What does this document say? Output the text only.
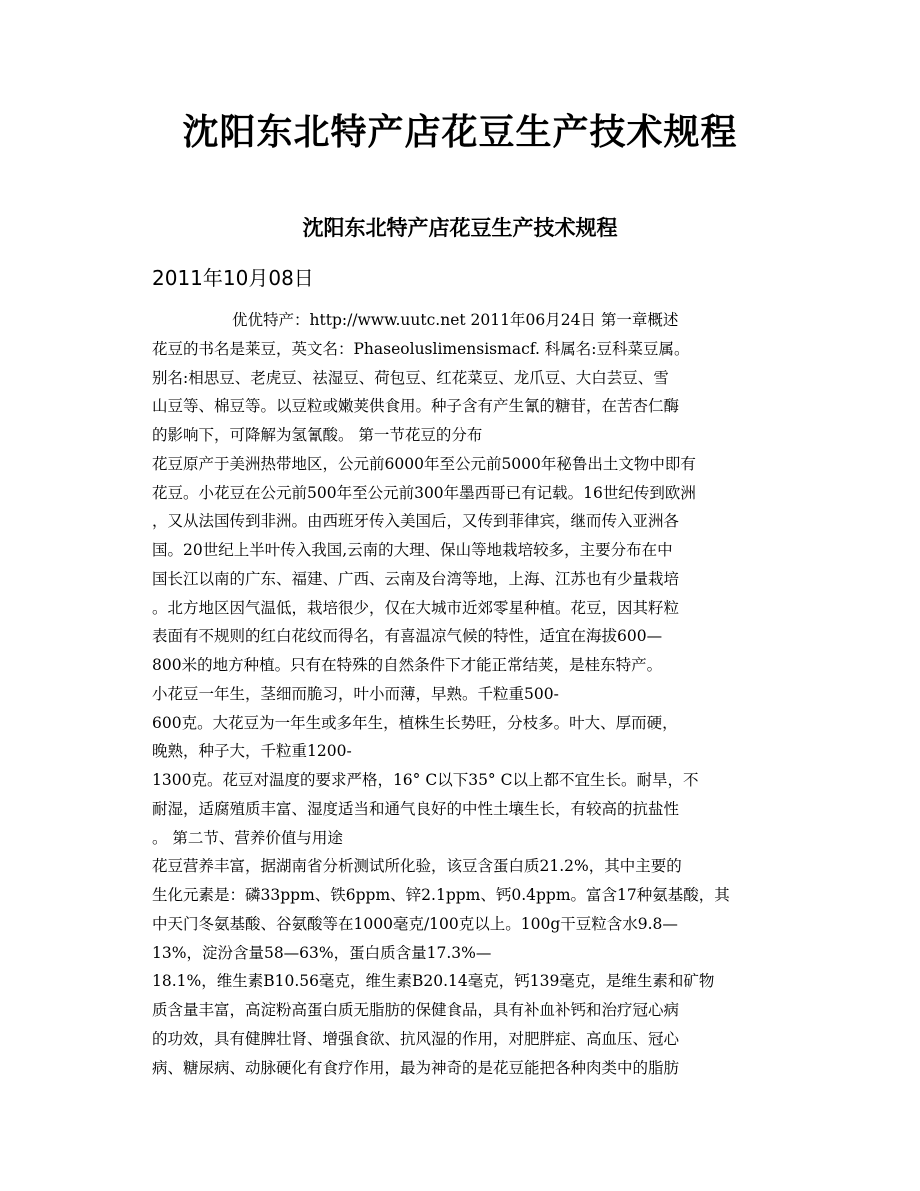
沈阳东北特产店花豆生产技术规程
沈阳东北特产店花豆生产技术规程
2011年10月08日
优优特产：http://www.uutc.net 2011年06月24日 第一章概述
花豆的书名是莱豆，英文名：Phaseoluslimensismacf. 科属名:豆科菜豆属。
别名:相思豆、老虎豆、祛湿豆、荷包豆、红花菜豆、龙爪豆、大白芸豆、雪
山豆等、棉豆等。以豆粒或嫩荚供食用。种子含有产生氰的糖苷，在苦杏仁酶
的影响下，可降解为氢氰酸。 第一节花豆的分布
花豆原产于美洲热带地区，公元前6000年至公元前5000年秘鲁出土文物中即有
花豆。小花豆在公元前500年至公元前300年墨西哥已有记载。16世纪传到欧洲
，又从法国传到非洲。由西班牙传入美国后，又传到菲律宾，继而传入亚洲各
国。20世纪上半叶传入我国,云南的大理、保山等地栽培较多，主要分布在中
国长江以南的广东、福建、广西、云南及台湾等地，上海、江苏也有少量栽培
。北方地区因气温低，栽培很少，仅在大城市近郊零星种植。花豆，因其籽粒
表面有不规则的红白花纹而得名，有喜温凉气候的特性，适宜在海拔600—
800米的地方种植。只有在特殊的自然条件下才能正常结荚，是桂东特产。
小花豆一年生，茎细而脆习，叶小而薄，早熟。千粒重500-
600克。大花豆为一年生或多年生，植株生长势旺，分枝多。叶大、厚而硬，
晚熟，种子大，千粒重1200-
1300克。花豆对温度的要求严格，16° C以下35° C以上都不宜生长。耐旱，不
耐湿，适腐殖质丰富、湿度适当和通气良好的中性土壤生长，有较高的抗盐性
。 第二节、营养价值与用途
花豆营养丰富，据湖南省分析测试所化验，该豆含蛋白质21.2%，其中主要的
生化元素是：磷33ppm、铁6ppm、锌2.1ppm、钙0.4ppm。富含17种氨基酸，其
中天门冬氨基酸、谷氨酸等在1000毫克/100克以上。100g干豆粒含水9.8—
13%，淀汾含量58—63%，蛋白质含量17.3%—
18.1%，维生素B10.56毫克，维生素B20.14毫克，钙139毫克，是维生素和矿物
质含量丰富，高淀粉高蛋白质无脂肪的保健食品，具有补血补钙和治疗冠心病
的功效，具有健脾壮肾、增强食欲、抗风湿的作用，对肥胖症、高血压、冠心
病、糖尿病、动脉硬化有食疗作用，最为神奇的是花豆能把各种肉类中的脂肪
